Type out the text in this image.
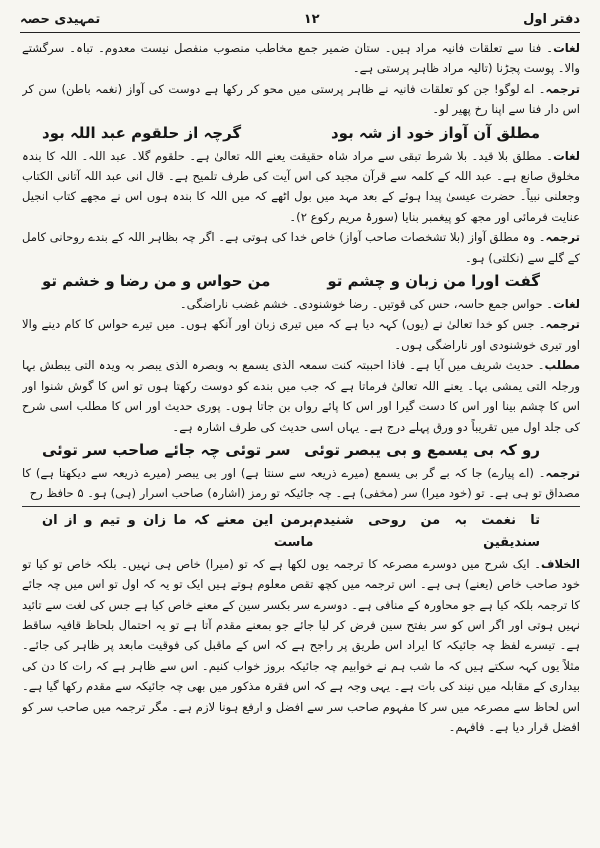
دفتر اول
۱۲
تمہیدی حصہ

لغات۔ فنا سے تعلقات فانیہ مراد ہیں۔ ستان ضمیر جمع مخاطب منصوب منفصل نیست معدوم۔ تباہ۔ سرگشتے والا۔ پوست پجڑنا (تالیہ مراد ظاہر پرستی ہے۔

ترجمہ۔ اے لوگو! جن کو تعلقات فانیہ نے ظاہر پرستی میں محو کر رکھا ہے دوست کی آواز (نغمہ باطن) سن کر اس دار فنا سے اپنا رخ پھیر لو۔

مطلق آن آواز خود از شہ بود
گرچہ از حلقوم عبد اللہ بود

لغات۔ مطلق بلا قید۔ بلا شرط تبقی سے مراد شاہ حقیقت یعنے اللہ تعالیٰ ہے۔ حلقوم گلا۔ عبد اللہ۔ اللہ کا بندہ مخلوق صانع ہے۔ عبد اللہ کے کلمہ سے قرآن مجید کی اس آیت کی طرف تلمیح ہے۔ قال انی عبد اللہ آتانی الکتاب وجعلنی نبیاً۔ حضرت عیسیٰ پیدا ہوئے کے بعد مہد میں بول اٹھے کہ میں اللہ کا بندہ ہوں اس نے مجھے کتاب انجیل عنایت فرمائی اور مجھ کو پیغمبر بنایا (سورۂ مریم رکوع ۲)۔

ترجمہ۔ وہ مطلق آواز (بلا تشخصات صاحب آواز) خاص خدا کی ہوتی ہے۔ اگر چہ بظاہر اللہ کے بندے روحانی کامل کے گلے سے (نکلتی) ہو۔

گفت اورا من زبان و چشم تو
من حواس و من رضا و خشم تو

لغات۔ حواس جمع حاسہ، حس کی قوتیں۔ رضا خوشنودی۔ خشم غضب ناراضگی۔

ترجمہ۔ جس کو خدا تعالیٰ نے (یوں) کہہ دیا ہے کہ میں تیری زبان اور آنکھ ہوں۔ میں تیرے حواس کا کام دینے والا اور تیری خوشنودی اور ناراضگی ہوں۔

مطلب۔ حدیث شریف میں آیا ہے۔ فاذا احببتہ کنت سمعہ الذی یسمع بہ وبصرہ الذی یبصر بہ ویدہ التی یبطش بہا ورجلہ التی یمشی بہا۔ یعنے اللہ تعالیٰ فرماتا ہے کہ جب میں بندے کو دوست رکھتا ہوں تو اس کا گوش شنوا اور اس کا چشم بینا اور اس کا دست گیرا اور اس کا پائے رواں بن جاتا ہوں۔ پوری حدیث اور اس کا مطلب اسی شرح کی جلد اول میں تقریباً دو ورق پہلے درج ہے۔ یہاں اسی حدیث کی طرف اشارہ ہے۔

رو کہ بی یسمع و بی یبصر توئی
سر توئی چہ جائے صاحب سر توئی

ترجمہ۔ (اے پیارے) جا کہ بے گر بی یسمع (میرے ذریعہ سے سنتا ہے) اور بی یبصر (میرے ذریعہ سے دیکھتا ہے) کا مصداق تو ہی ہے۔ تو (خود میرا) سر (مخفی) ہے۔ چہ جائیکہ تو رمز (اشارہ) صاحب اسرار (ہی) ہو۔ ۵ حافظ رح

تا نغمت بہ من روحی شنیدم سندیقین
برمن این معنے کہ ما زان و تیم و از ان ماست

الخلاف۔ ایک شرح میں دوسرے مصرعہ کا ترجمہ یوں لکھا ہے کہ تو (میرا) خاص ہی نہیں۔ بلکہ خاص تو کیا تو خود صاحب خاص (یعنے) ہی ہے۔ اس ترجمہ میں کچھ تقص معلوم ہوتے ہیں ایک تو یہ کہ اول تو اس میں چہ جائے کا ترجمہ بلکہ کیا ہے جو محاورہ کے منافی ہے۔ دوسرے سر بکسر سین کے معنے خاص کیا ہے جس کی لغت سے تائید نہیں ہوتی اور اگر اس کو سر بفتح سین فرض کر لیا جائے جو بمعنے مقدم آتا ہے تو یہ احتمال بلحاظ قافیہ ساقط ہے۔ تیسرے لفظ چہ جائیکہ کا ایراد اس طریق پر راجح ہے کہ اس کے ماقبل کی فوقیت مابعد پر ظاہر کی جائے۔ مثلاً یوں کہہ سکتے ہیں کہ ما شب ہم نے خوابیم چہ جائیکہ بروز خواب کنیم۔ اس سے ظاہر ہے کہ رات کا دن کی بیداری کے مقابلہ میں نیند کی بات ہے۔ یہی وجہ ہے کہ اس فقرہ مذکور میں بھی چہ جائیکہ سے مقدم رکھا گیا ہے۔ اس لحاظ سے مصرعہ میں سر کا مفہوم صاحب سر سے افضل و ارفع ہونا لازم ہے۔ مگر ترجمہ میں صاحب سر کو افضل قرار دیا ہے۔ فافہم۔
